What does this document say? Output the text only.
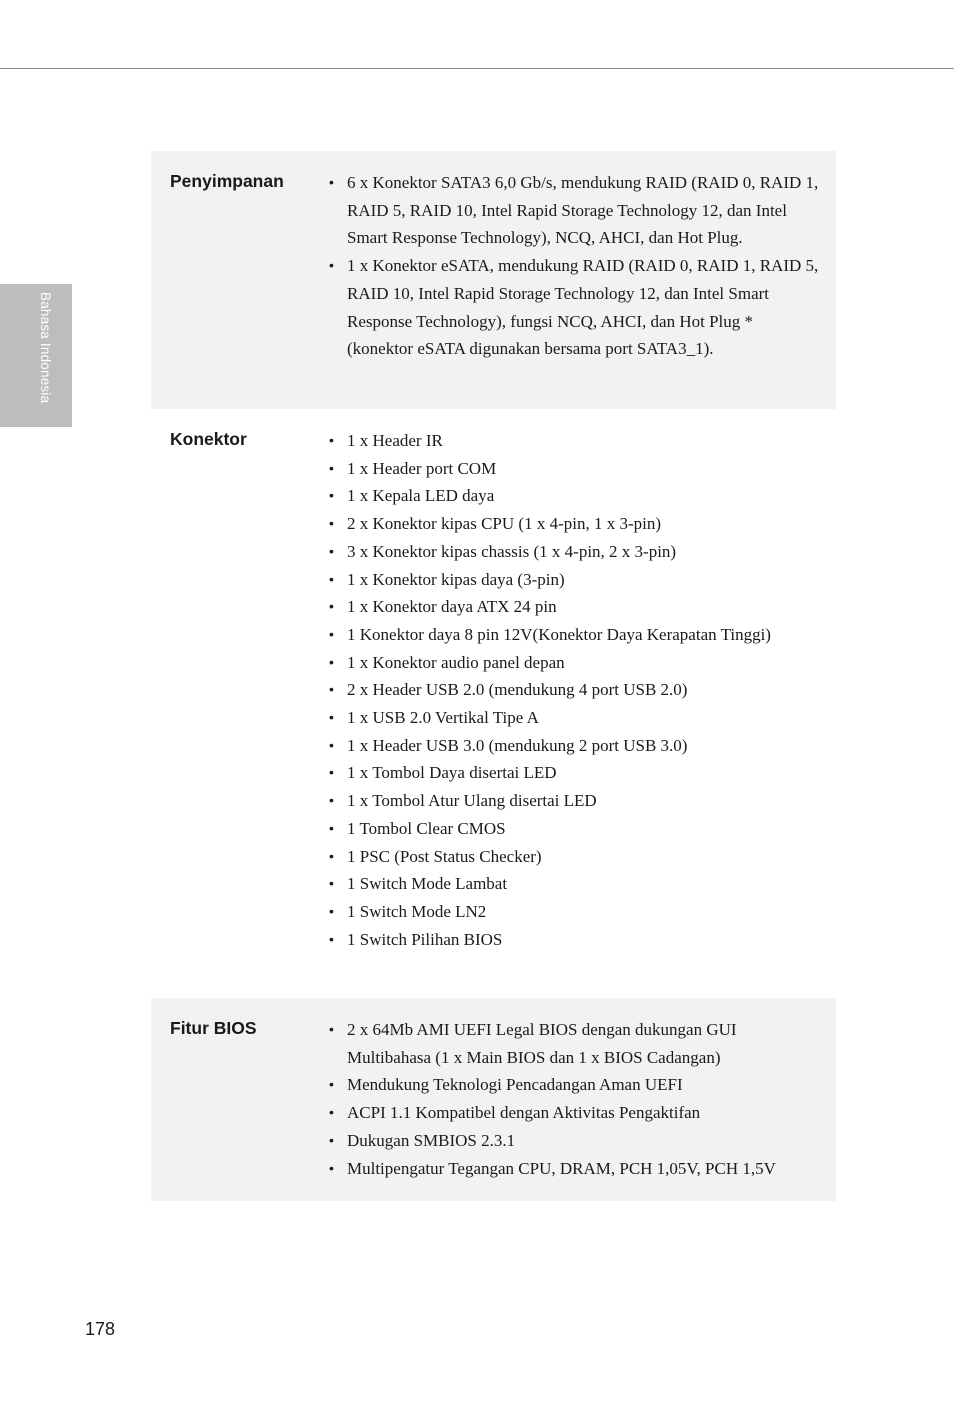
Bahasa Indonesia
Penyimpanan	• 6 x Konektor SATA3 6,0 Gb/s, mendukung RAID (RAID 0, RAID 1, RAID 5, RAID 10, Intel Rapid Storage Technology 12, dan Intel Smart Response Technology), NCQ, AHCI, dan Hot Plug.
• 1 x Konektor eSATA, mendukung RAID (RAID 0, RAID 1, RAID 5, RAID 10, Intel Rapid Storage Technology 12, dan Intel Smart Response Technology), fungsi NCQ, AHCI, dan Hot Plug * (konektor eSATA digunakan bersama port SATA3_1).
Konektor	• 1 x Header IR
• 1 x Header port COM
• 1 x Kepala LED daya
• 2 x Konektor kipas CPU (1 x 4-pin, 1 x 3-pin)
• 3 x Konektor kipas chassis (1 x 4-pin, 2 x 3-pin)
• 1 x Konektor kipas daya (3-pin)
• 1 x Konektor daya ATX 24 pin
• 1 Konektor daya 8 pin 12V(Konektor Daya Kerapatan Tinggi)
• 1 x Konektor audio panel depan
• 2 x Header USB 2.0 (mendukung 4 port USB 2.0)
• 1 x USB 2.0 Vertikal Tipe A
• 1 x Header USB 3.0 (mendukung 2 port USB 3.0)
• 1 x Tombol Daya disertai LED
• 1 x Tombol Atur Ulang disertai LED
• 1 Tombol Clear CMOS
• 1 PSC (Post Status Checker)
• 1 Switch Mode Lambat
• 1 Switch Mode LN2
• 1 Switch Pilihan BIOS
Fitur BIOS	• 2 x 64Mb AMI UEFI Legal BIOS dengan dukungan GUI Multibahasa (1 x Main BIOS dan 1 x BIOS Cadangan)
• Mendukung Teknologi Pencadangan Aman UEFI
• ACPI 1.1 Kompatibel dengan Aktivitas Pengaktifan
• Dukugan SMBIOS 2.3.1
• Multipengatur Tegangan CPU, DRAM, PCH 1,05V, PCH 1,5V
178
